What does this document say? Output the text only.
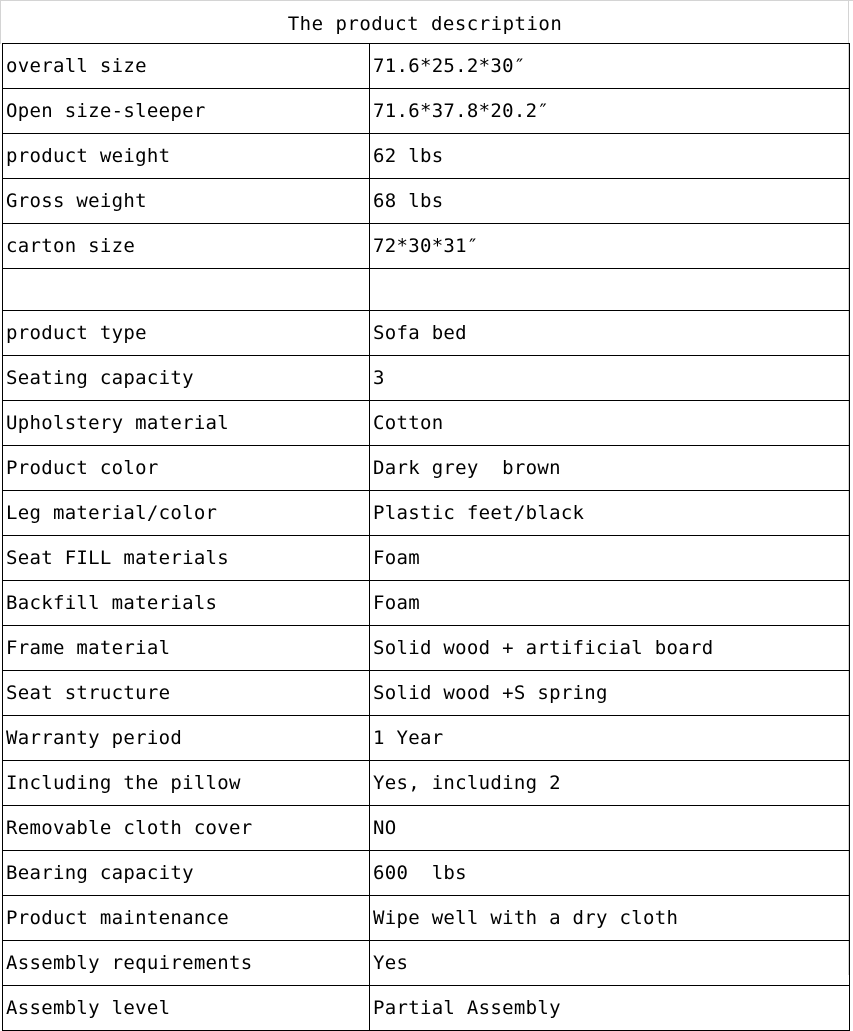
The product description
overall size	71.6*25.2*30″
Open size-sleeper	71.6*37.8*20.2″
product weight	62 lbs
Gross weight	68 lbs
carton size	72*30*31″

product type	Sofa bed
Seating capacity	3
Upholstery material	Cotton
Product color	Dark grey  brown
Leg material/color	Plastic feet/black
Seat FILL materials	Foam
Backfill materials	Foam
Frame material	Solid wood + artificial board
Seat structure	Solid wood +S spring
Warranty period	1 Year
Including the pillow	Yes, including 2
Removable cloth cover	NO
Bearing capacity	600  lbs
Product maintenance	Wipe well with a dry cloth
Assembly requirements	Yes
Assembly level	Partial Assembly
